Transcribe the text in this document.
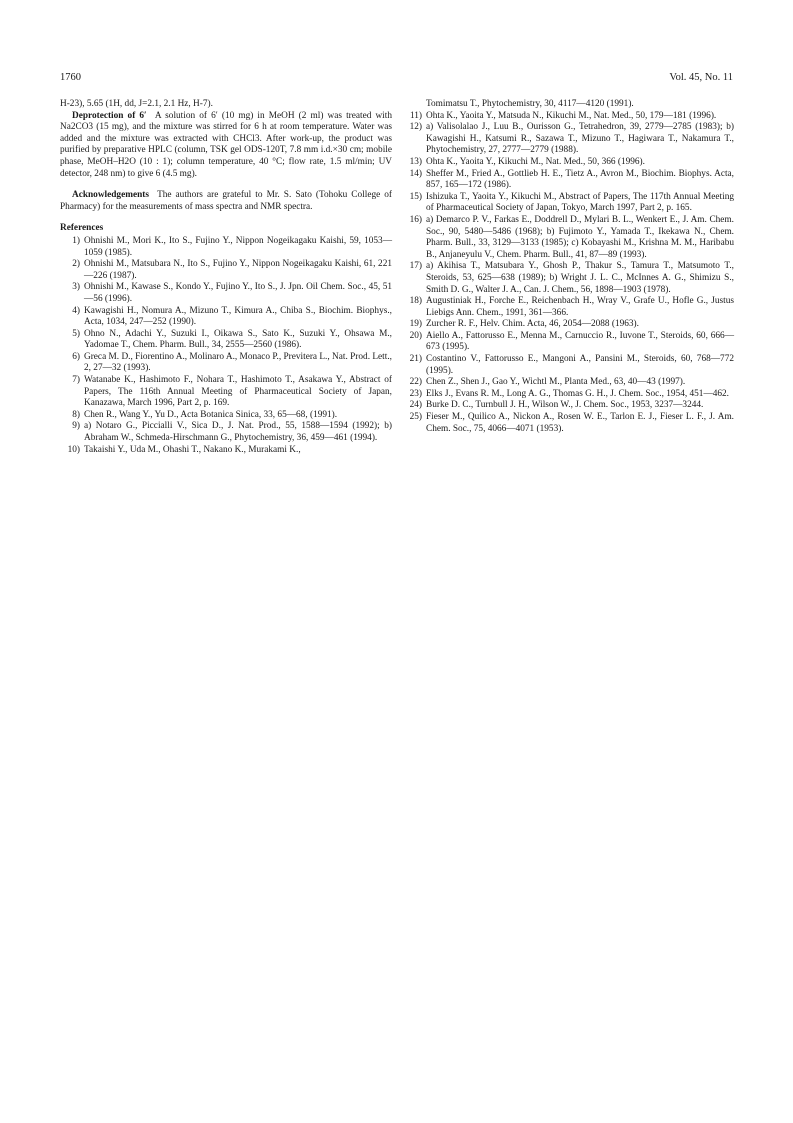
1760	Vol. 45, No. 11

H-23), 5.65 (1H, dd, J=2.1, 2.1 Hz, H-7).

Deprotection of 6′ A solution of 6′ (10 mg) in MeOH (2 ml) was treated with Na2CO3 (15 mg), and the mixture was stirred for 6 h at room temperature. Water was added and the mixture was extracted with CHCl3. After work-up, the product was purified by preparative HPLC (column, TSK gel ODS-120T, 7.8 mm i.d.×30 cm; mobile phase, MeOH–H2O (10 : 1); column temperature, 40 °C; flow rate, 1.5 ml/min; UV detector, 248 nm) to give 6 (4.5 mg).

Acknowledgements The authors are grateful to Mr. S. Sato (Tohoku College of Pharmacy) for the measurements of mass spectra and NMR spectra.

References

1) Ohnishi M., Mori K., Ito S., Fujino Y., Nippon Nogeikagaku Kaishi, 59, 1053—1059 (1985).

2) Ohnishi M., Matsubara N., Ito S., Fujino Y., Nippon Nogeikagaku Kaishi, 61, 221—226 (1987).

3) Ohnishi M., Kawase S., Kondo Y., Fujino Y., Ito S., J. Jpn. Oil Chem. Soc., 45, 51—56 (1996).

4) Kawagishi H., Nomura A., Mizuno T., Kimura A., Chiba S., Biochim. Biophys., Acta, 1034, 247—252 (1990).

5) Ohno N., Adachi Y., Suzuki I., Oikawa S., Sato K., Suzuki Y., Ohsawa M., Yadomae T., Chem. Pharm. Bull., 34, 2555—2560 (1986).

6) Greca M. D., Fiorentino A., Molinaro A., Monaco P., Previtera L., Nat. Prod. Lett., 2, 27—32 (1993).

7) Watanabe K., Hashimoto F., Nohara T., Hashimoto T., Asakawa Y., Abstract of Papers, The 116th Annual Meeting of Pharmaceutical Society of Japan, Kanazawa, March 1996, Part 2, p. 169.

8) Chen R., Wang Y., Yu D., Acta Botanica Sinica, 33, 65—68, (1991).

9) a) Notaro G., Piccialli V., Sica D., J. Nat. Prod., 55, 1588—1594 (1992); b) Abraham W., Schmeda-Hirschmann G., Phytochemistry, 36, 459—461 (1994).

10) Takaishi Y., Uda M., Ohashi T., Nakano K., Murakami K.,

Tomimatsu T., Phytochemistry, 30, 4117—4120 (1991).

11) Ohta K., Yaoita Y., Matsuda N., Kikuchi M., Nat. Med., 50, 179—181 (1996).

12) a) Valisolalao J., Luu B., Ourisson G., Tetrahedron, 39, 2779—2785 (1983); b) Kawagishi H., Katsumi R., Sazawa T., Mizuno T., Hagiwara T., Nakamura T., Phytochemistry, 27, 2777—2779 (1988).

13) Ohta K., Yaoita Y., Kikuchi M., Nat. Med., 50, 366 (1996).

14) Sheffer M., Fried A., Gottlieb H. E., Tietz A., Avron M., Biochim. Biophys. Acta, 857, 165—172 (1986).

15) Ishizuka T., Yaoita Y., Kikuchi M., Abstract of Papers, The 117th Annual Meeting of Pharmaceutical Society of Japan, Tokyo, March 1997, Part 2, p. 165.

16) a) Demarco P. V., Farkas E., Doddrell D., Mylari B. L., Wenkert E., J. Am. Chem. Soc., 90, 5480—5486 (1968); b) Fujimoto Y., Yamada T., Ikekawa N., Chem. Pharm. Bull., 33, 3129—3133 (1985); c) Kobayashi M., Krishna M. M., Haribabu B., Anjaneyulu V., Chem. Pharm. Bull., 41, 87—89 (1993).

17) a) Akihisa T., Matsubara Y., Ghosh P., Thakur S., Tamura T., Matsumoto T., Steroids, 53, 625—638 (1989); b) Wright J. L. C., McInnes A. G., Shimizu S., Smith D. G., Walter J. A., Can. J. Chem., 56, 1898—1903 (1978).

18) Augustiniak H., Forche E., Reichenbach H., Wray V., Grafe U., Hofle G., Justus Liebigs Ann. Chem., 1991, 361—366.

19) Zurcher R. F., Helv. Chim. Acta, 46, 2054—2088 (1963).

20) Aiello A., Fattorusso E., Menna M., Carnuccio R., Iuvone T., Steroids, 60, 666—673 (1995).

21) Costantino V., Fattorusso E., Mangoni A., Pansini M., Steroids, 60, 768—772 (1995).

22) Chen Z., Shen J., Gao Y., Wichtl M., Planta Med., 63, 40—43 (1997).

23) Elks J., Evans R. M., Long A. G., Thomas G. H., J. Chem. Soc., 1954, 451—462.

24) Burke D. C., Turnbull J. H., Wilson W., J. Chem. Soc., 1953, 3237—3244.

25) Fieser M., Quilico A., Nickon A., Rosen W. E., Tarlon E. J., Fieser L. F., J. Am. Chem. Soc., 75, 4066—4071 (1953).
